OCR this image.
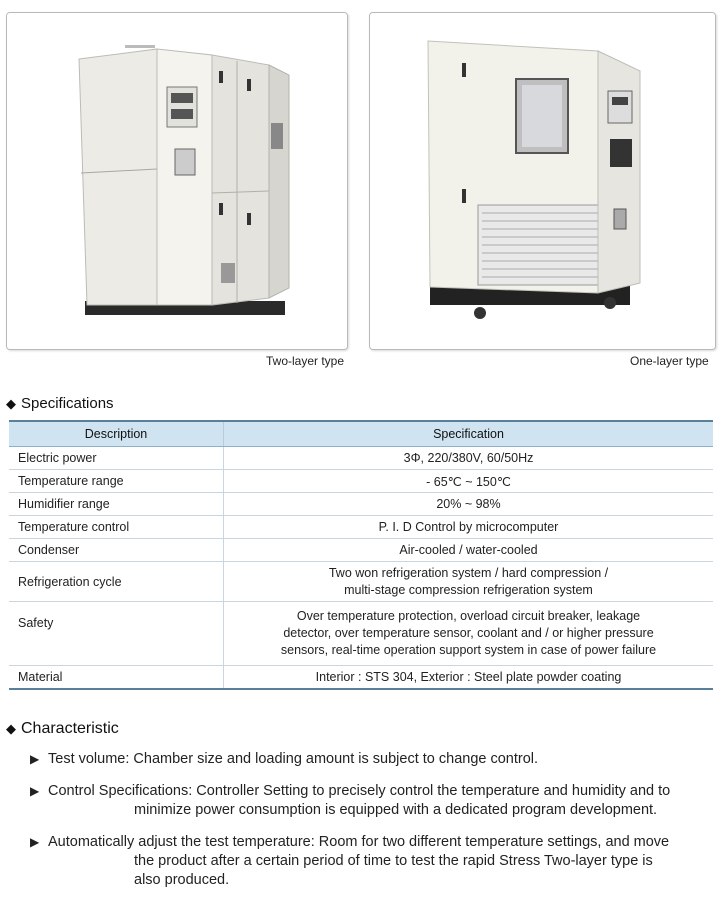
Two-layer type	One-layer type
◆ Specifications
Description	Specification
Electric power	3Φ, 220/380V, 60/50Hz
Temperature range	- 65℃ ~ 150℃
Humidifier range	20% ~ 98%
Temperature control	P. I. D Control by microcomputer
Condenser	Air-cooled / water-cooled
Refrigeration cycle	Two won refrigeration system / hard compression /
multi-stage compression refrigeration system

Safety	Over temperature protection, overload circuit breaker, leakage
detector, over temperature sensor, coolant and / or higher pressure
sensors, real-time operation support system in case of power failure

Material	Interior : STS 304, Exterior : Steel plate powder coating
◆ Characteristic
▶ Test volume: Chamber size and loading amount is subject to change control.
▶ Control Specifications: Controller Setting to precisely control the temperature and humidity and to
minimize power consumption is equipped with a dedicated program development.
▶ Automatically adjust the test temperature: Room for two different temperature settings, and move
the product after a certain period of time to test the rapid Stress Two-layer type is
also produced.
